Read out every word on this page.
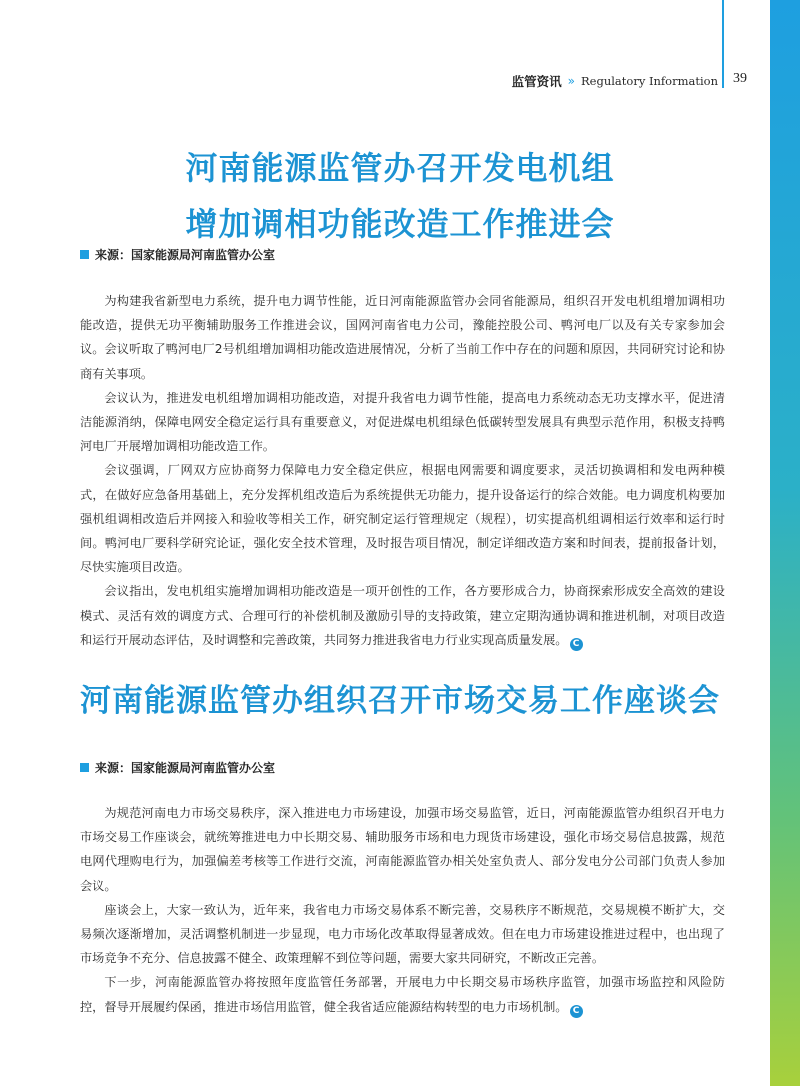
监管资讯 » Regulatory Information 39
河南能源监管办召开发电机组
增加调相功能改造工作推进会
来源：国家能源局河南监管办公室

为构建我省新型电力系统，提升电力调节性能，近日河南能源监管办会同省能源局，组织召开发电机组增加调相功能改造，提供无功平衡辅助服务工作推进会议，国网河南省电力公司，豫能控股公司、鸭河电厂以及有关专家参加会议。会议听取了鸭河电厂2号机组增加调相功能改造进展情况，分析了当前工作中存在的问题和原因，共同研究讨论和协商有关事项。

会议认为，推进发电机组增加调相功能改造，对提升我省电力调节性能，提高电力系统动态无功支撑水平，促进清洁能源消纳，保障电网安全稳定运行具有重要意义，对促进煤电机组绿色低碳转型发展具有典型示范作用，积极支持鸭河电厂开展增加调相功能改造工作。

会议强调，厂网双方应协商努力保障电力安全稳定供应，根据电网需要和调度要求，灵活切换调相和发电两种模式，在做好应急备用基础上，充分发挥机组改造后为系统提供无功能力，提升设备运行的综合效能。电力调度机构要加强机组调相改造后并网接入和验收等相关工作，研究制定运行管理规定（规程），切实提高机组调相运行效率和运行时间。鸭河电厂要科学研究论证，强化安全技术管理，及时报告项目情况，制定详细改造方案和时间表，提前报备计划，尽快实施项目改造。

会议指出，发电机组实施增加调相功能改造是一项开创性的工作，各方要形成合力，协商探索形成安全高效的建设模式、灵活有效的调度方式、合理可行的补偿机制及激励引导的支持政策，建立定期沟通协调和推进机制，对项目改造和运行开展动态评估，及时调整和完善政策，共同努力推进我省电力行业实现高质量发展。 C

河南能源监管办组织召开市场交易工作座谈会
来源：国家能源局河南监管办公室

为规范河南电力市场交易秩序，深入推进电力市场建设，加强市场交易监管，近日，河南能源监管办组织召开电力市场交易工作座谈会，就统筹推进电力中长期交易、辅助服务市场和电力现货市场建设，强化市场交易信息披露，规范电网代理购电行为，加强偏差考核等工作进行交流，河南能源监管办相关处室负责人、部分发电分公司部门负责人参加会议。

座谈会上，大家一致认为，近年来，我省电力市场交易体系不断完善，交易秩序不断规范，交易规模不断扩大，交易频次逐渐增加，灵活调整机制进一步显现，电力市场化改革取得显著成效。但在电力市场建设推进过程中，也出现了市场竞争不充分、信息披露不健全、政策理解不到位等问题，需要大家共同研究，不断改正完善。

下一步，河南能源监管办将按照年度监管任务部署，开展电力中长期交易市场秩序监管，加强市场监控和风险防控，督导开展履约保函，推进市场信用监管，健全我省适应能源结构转型的电力市场机制。 C
